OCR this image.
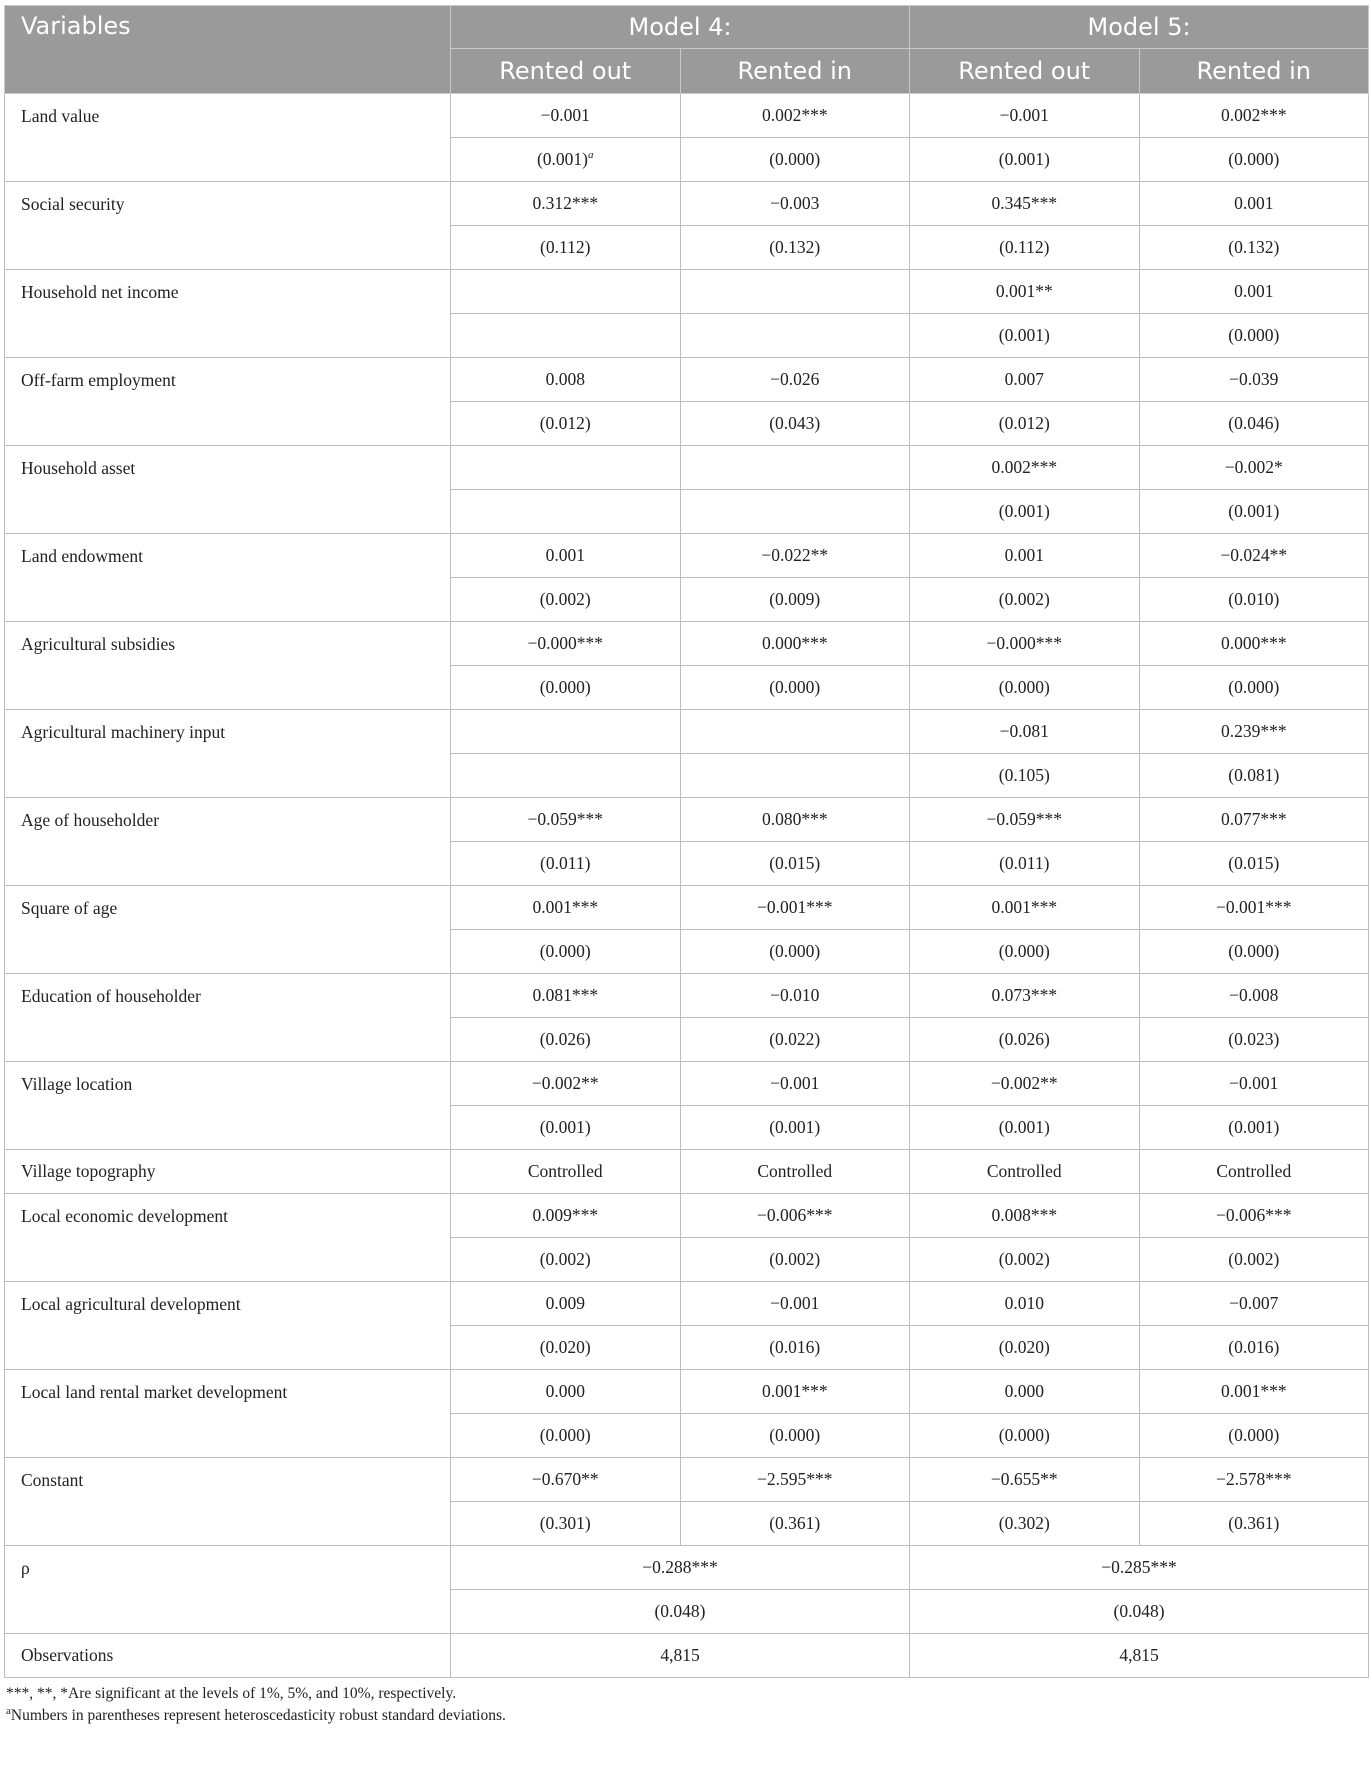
Variables	Model 4:		Model 5:	
	Rented out	Rented in	Rented out	Rented in
Land value	−0.001	0.002***	−0.001	0.002***
	$(0.001)^a$	(0.000)	(0.001)	(0.000)
Social security	0.312***	−0.003	0.345***	0.001
	(0.112)	(0.132)	(0.112)	(0.132)
Household net income			0.001**	0.001
			(0.001)	(0.000)
Off-farm employment	0.008	−0.026	0.007	−0.039
	(0.012)	(0.043)	(0.012)	(0.046)
Household asset			0.002***	−0.002*
			(0.001)	(0.001)
Land endowment	0.001	−0.022**	0.001	−0.024**
	(0.002)	(0.009)	(0.002)	(0.010)
Agricultural subsidies	−0.000***	0.000***	−0.000***	0.000***
	(0.000)	(0.000)	(0.000)	(0.000)
Agricultural machinery input			−0.081	0.239***
			(0.105)	(0.081)
Age of householder	−0.059***	0.080***	−0.059***	0.077***
	(0.011)	(0.015)	(0.011)	(0.015)
Square of age	0.001***	−0.001***	0.001***	−0.001***
	(0.000)	(0.000)	(0.000)	(0.000)
Education of householder	0.081***	−0.010	0.073***	−0.008
	(0.026)	(0.022)	(0.026)	(0.023)
Village location	−0.002**	−0.001	−0.002**	−0.001
	(0.001)	(0.001)	(0.001)	(0.001)
Village topography	Controlled	Controlled	Controlled	Controlled
Local economic development	0.009***	−0.006***	0.008***	−0.006***
	(0.002)	(0.002)	(0.002)	(0.002)
Local agricultural development	0.009	−0.001	0.010	−0.007
	(0.020)	(0.016)	(0.020)	(0.016)
Local land rental market development	0.000	0.001***	0.000	0.001***
	(0.000)	(0.000)	(0.000)	(0.000)
Constant	−0.670**	−2.595***	−0.655**	−2.578***
	(0.301)	(0.361)	(0.302)	(0.361)
ρ	−0.288***		−0.285***	
	(0.048)		(0.048)	
Observations	4,815		4,815	
***, **, *Are significant at the levels of 1%, 5%, and 10%, respectively.
$^a$Numbers in parentheses represent heteroscedasticity robust standard deviations.
